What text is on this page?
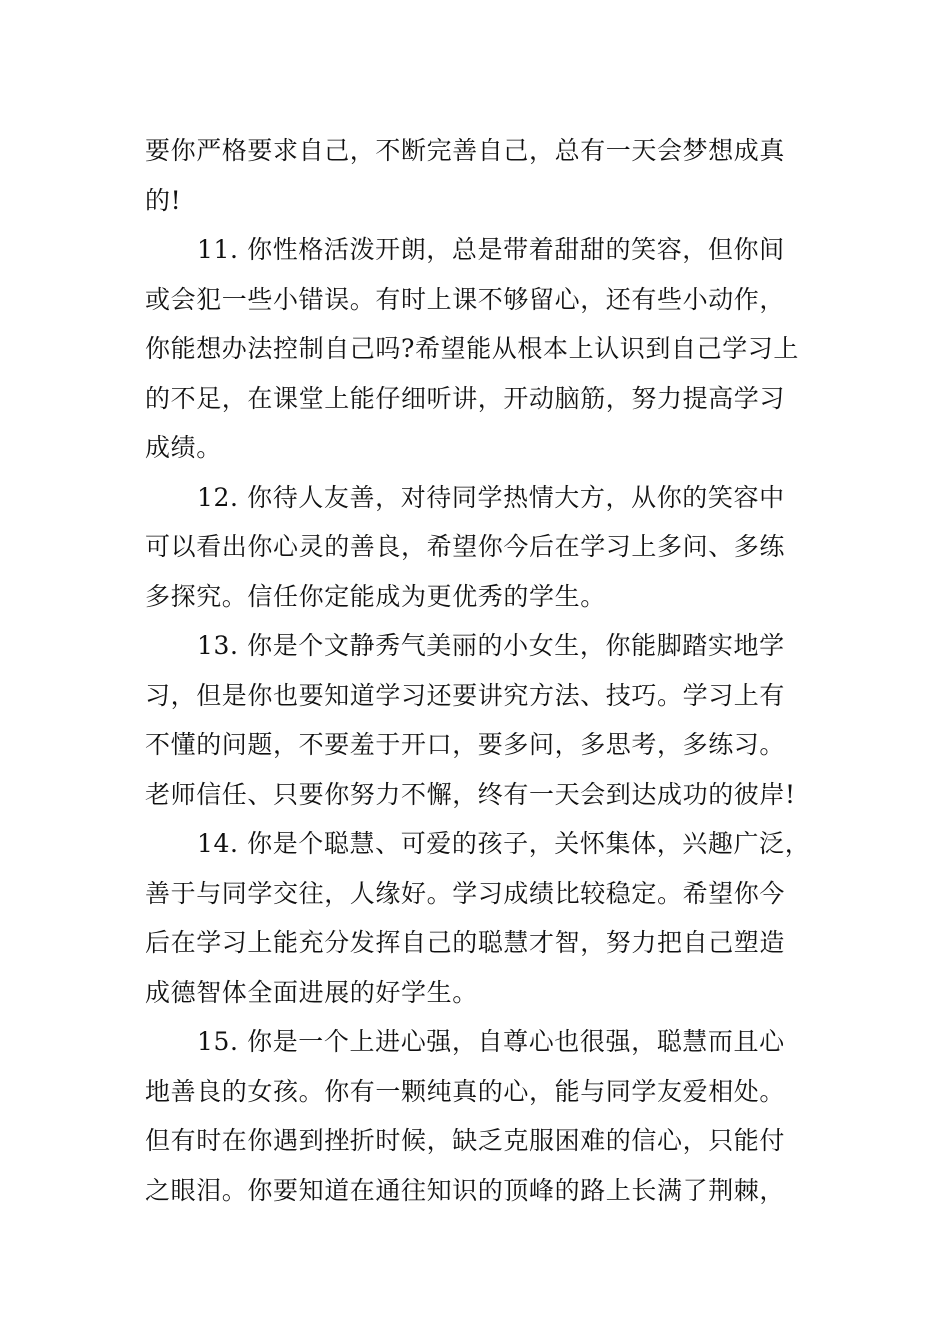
要你严格要求自己，不断完善自己，总有一天会梦想成真
的!
11. 你性格活泼开朗，总是带着甜甜的笑容，但你间
或会犯一些小错误。有时上课不够留心，还有些小动作，
你能想办法控制自己吗?希望能从根本上认识到自己学习上
的不足，在课堂上能仔细听讲，开动脑筋，努力提高学习
成绩。
12. 你待人友善，对待同学热情大方，从你的笑容中
可以看出你心灵的善良，希望你今后在学习上多问、多练
多探究。信任你定能成为更优秀的学生。
13. 你是个文静秀气美丽的小女生，你能脚踏实地学
习，但是你也要知道学习还要讲究方法、技巧。学习上有
不懂的问题，不要羞于开口，要多问，多思考，多练习。
老师信任、只要你努力不懈，终有一天会到达成功的彼岸!
14. 你是个聪慧、可爱的孩子，关怀集体，兴趣广泛，
善于与同学交往，人缘好。学习成绩比较稳定。希望你今
后在学习上能充分发挥自己的聪慧才智，努力把自己塑造
成德智体全面进展的好学生。
15. 你是一个上进心强，自尊心也很强，聪慧而且心
地善良的女孩。你有一颗纯真的心，能与同学友爱相处。
但有时在你遇到挫折时候，缺乏克服困难的信心，只能付
之眼泪。你要知道在通往知识的顶峰的路上长满了荆棘，
